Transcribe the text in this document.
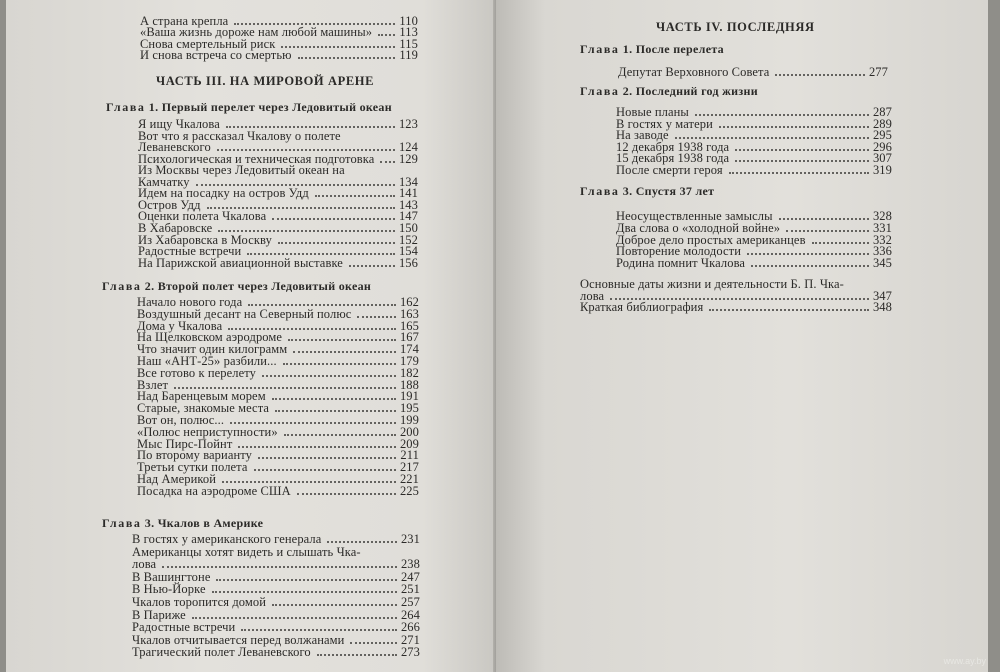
А страна крепла	110
«Ваша жизнь дороже нам любой машины» 113
Снова смертельный риск	115
И снова встреча со смертью	119
ЧАСТЬ III. НА МИРОВОЙ АРЕНЕ
Глава 1. Первый перелет через Ледовитый океан
Я ищу Чкалова	123
Вот что я рассказал Чкалову о полете
Леваневского	124
Психологическая и техническая подготовка 129
Из Москвы через Ледовитый океан на
Камчатку	134
Идем на посадку на остров Удд	141
Остров Удд	143
Оценки полета Чкалова	147
В Хабаровске	150
Из Хабаровска в Москву	152
Радостные встречи	154
На Парижской авиационной выставке	156
Глава 2. Второй полет через Ледовитый океан
Начало нового года	162
Воздушный десант на Северный полюс	163
Дома у Чкалова	165
На Щелковском аэродроме	167
Что значит один килограмм	174
Наш «АНТ-25» разбили...	179
Все готово к перелету	182
Взлет	188
Над Баренцевым морем	191
Старые, знакомые места	195
Вот он, полюс...	199
«Полюс неприступности»	200
Мыс Пирс-Пойнт	209
По второму варианту	211
Третьи сутки полета	217
Над Америкой	221
Посадка на аэродроме США	225
Глава 3. Чкалов в Америке
В гостях у американского генерала	231
Американцы хотят видеть и слышать Чка-
лова	238
В Вашингтоне	247
В Нью-Йорке	251
Чкалов торопится домой	257
В Париже	264
Радостные встречи	266
Чкалов отчитывается перед волжанами	271
Трагический полет Леваневского	273
ЧАСТЬ IV. ПОСЛЕДНЯЯ
Глава 1. После перелета
Депутат Верховного Совета	277
Глава 2. Последний год жизни
Новые планы	287
В гостях у матери	289
На заводе	295
12 декабря 1938 года	296
15 декабря 1938 года	307
После смерти героя	319
Глава 3. Спустя 37 лет
Неосуществленные замыслы	328
Два слова о «холодной войне»	331
Доброе дело простых американцев	332
Повторение молодости	336
Родина помнит Чкалова	345
Основные даты жизни и деятельности Б. П. Чка-
лова	347
Краткая библиография	348
www.ay.by
